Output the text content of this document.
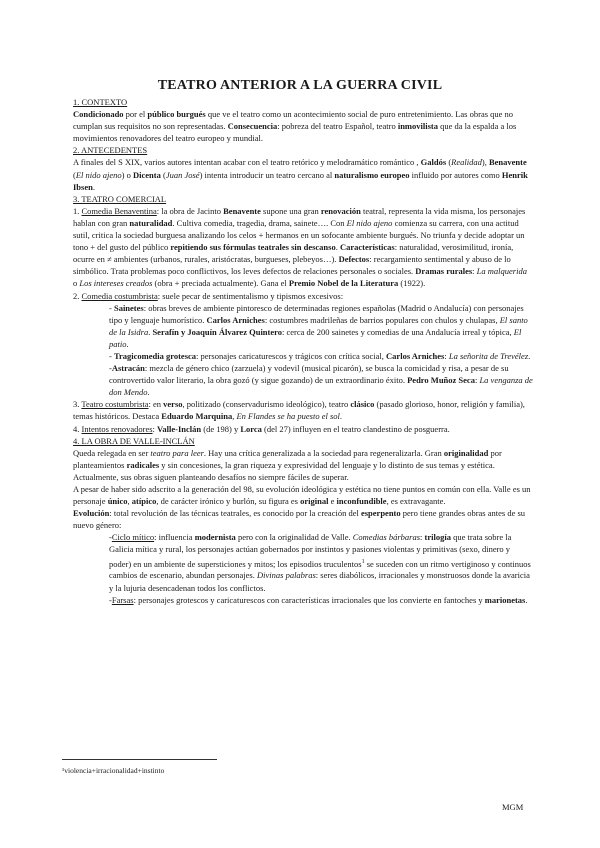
TEATRO ANTERIOR A LA GUERRA CIVIL

1. CONTEXTO

Condicionado por el público burgués que ve el teatro como un acontecimiento social de puro entretenimiento. Las obras que no cumplan sus requisitos no son representadas. Consecuencia: pobreza del teatro Español, teatro inmovilista que da la espalda a los movimientos renovadores del teatro europeo y mundial.

2. ANTECEDENTES

A finales del S XIX, varios autores intentan acabar con el teatro retórico y melodramático romántico , Galdós (Realidad), Benavente (El nido ajeno) o Dicenta (Juan José) intenta introducir un teatro cercano al naturalismo europeo influido por autores como Henrik Ibsen.

3. TEATRO COMERCIAL

1. Comedia Benaventina: la obra de Jacinto Benavente supone una gran renovación teatral, representa la vida misma, los personajes hablan con gran naturalidad. Cultiva comedia, tragedia, drama, sainete…. Con El nido ajeno comienza su carrera, con una actitud sutil, critica la sociedad burguesa analizando los celos + hermanos en un sofocante ambiente burgués. No triunfa y decide adoptar un tono + del gusto del público repitiendo sus fórmulas teatrales sin descanso. Características: naturalidad, verosimilitud, ironía, ocurre en ≠ ambientes (urbanos, rurales, aristócratas, burgueses, plebeyos…). Defectos: recargamiento sentimental y abuso de lo simbólico. Trata problemas poco conflictivos, los leves defectos de relaciones personales o sociales. Dramas rurales: La malquerida o Los intereses creados (obra + preciada actualmente). Gana el Premio Nobel de la Literatura (1922).

2. Comedia costumbrista: suele pecar de sentimentalismo y tipismos excesivos:

- Sainetes: obras breves de ambiente pintoresco de determinadas regiones españolas (Madrid o Andalucía) con personajes tipo y lenguaje humorístico. Carlos Arniches: costumbres madrileñas de barrios populares con chulos y chulapas, El santo de la Isidra. Serafín y Joaquín Álvarez Quintero: cerca de 200 sainetes y comedias de una Andalucía irreal y tópica, El patio.

- Tragicomedia grotesca: personajes caricaturescos y trágicos con crítica social, Carlos Arniches: La señorita de Trevélez.

-Astracán: mezcla de género chico (zarzuela) y vodevil (musical picarón), se busca la comicidad y risa, a pesar de su controvertido valor literario, la obra gozó (y sigue gozando) de un extraordinario éxito. Pedro Muñoz Seca: La venganza de don Mendo.

3. Teatro costumbrista: en verso, politizado (conservadurismo ideológico), teatro clásico (pasado glorioso, honor, religión y familia), temas históricos. Destaca Eduardo Marquina, En Flandes se ha puesto el sol.

4. Intentos renovadores: Valle-Inclán (de 198) y Lorca (del 27) influyen en el teatro clandestino de posguerra.

4. LA OBRA DE VALLE-INCLÁN

Queda relegada en ser teatro para leer. Hay una crítica generalizada a la sociedad para regeneralizarla. Gran originalidad por planteamientos radicales y sin concesiones, la gran riqueza y expresividad del lenguaje y lo distinto de sus temas y estética. Actualmente, sus obras siguen planteando desafíos no siempre fáciles de superar.

A pesar de haber sido adscrito a la generación del 98, su evolución ideológica y estética no tiene puntos en común con ella. Valle es un personaje único, atípico, de carácter irónico y burlón, su figura es original e inconfundible, es extravagante.

Evolución: total revolución de las técnicas teatrales, es conocido por la creación del esperpento pero tiene grandes obras antes de su nuevo género:

-Ciclo mítico: influencia modernista pero con la originalidad de Valle. Comedias bárbaras: trilogía que trata sobre la Galicia mítica y rural, los personajes actúan gobernados por instintos y pasiones violentas y primitivas (sexo, dinero y poder) en un ambiente de supersticiones y mitos; los episodios truculentos$^1$ se suceden con un ritmo vertiginoso y continuos cambios de escenario, abundan personajes. Divinas palabras: seres diabólicos, irracionales y monstruosos donde la avaricia y la lujuria desencadenan todos los conflictos.

-Farsas: personajes grotescos y caricaturescos con características irracionales que los convierte en fantoches y marionetas.

¹violencia+irracionalidad+instinto
MGM
